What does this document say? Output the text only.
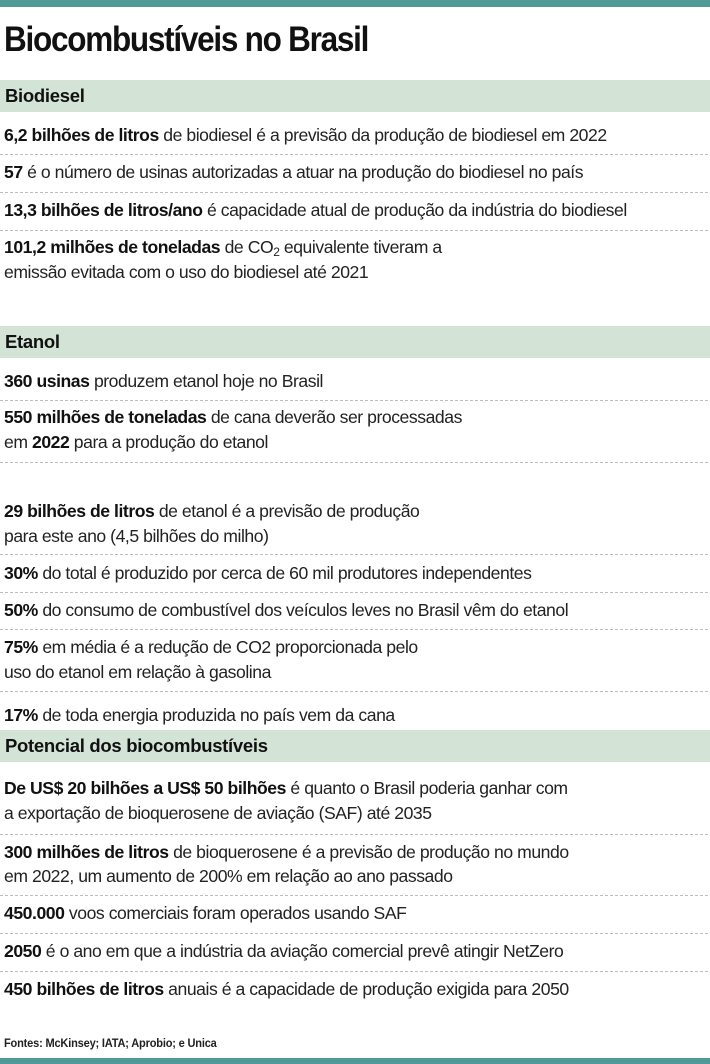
Biocombustíveis no Brasil
Biodiesel
6,2 bilhões de litros de biodiesel é a previsão da produção de biodiesel em 2022
57 é o número de usinas autorizadas a atuar na produção do biodiesel no país
13,3 bilhões de litros/ano é capacidade atual de produção da indústria do biodiesel
101,2 milhões de toneladas de $CO_2$ equivalente tiveram a
emissão evitada com o uso do biodiesel até 2021
Etanol
360 usinas produzem etanol hoje no Brasil
550 milhões de toneladas de cana deverão ser processadas
em 2022 para a produção do etanol
29 bilhões de litros de etanol é a previsão de produção
para este ano (4,5 bilhões do milho)
30% do total é produzido por cerca de 60 mil produtores independentes
50% do consumo de combustível dos veículos leves no Brasil vêm do etanol
75% em média é a redução de CO2 proporcionada pelo
uso do etanol em relação à gasolina
17% de toda energia produzida no país vem da cana
Potencial dos biocombustíveis
De US$ 20 bilhões a US$ 50 bilhões é quanto o Brasil poderia ganhar com
a exportação de bioquerosene de aviação (SAF) até 2035
300 milhões de litros de bioquerosene é a previsão de produção no mundo
em 2022, um aumento de 200% em relação ao ano passado
450.000 voos comerciais foram operados usando SAF
2050 é o ano em que a indústria da aviação comercial prevê atingir NetZero
450 bilhões de litros anuais é a capacidade de produção exigida para 2050
Fontes: McKinsey; IATA; Aprobio; e Unica
